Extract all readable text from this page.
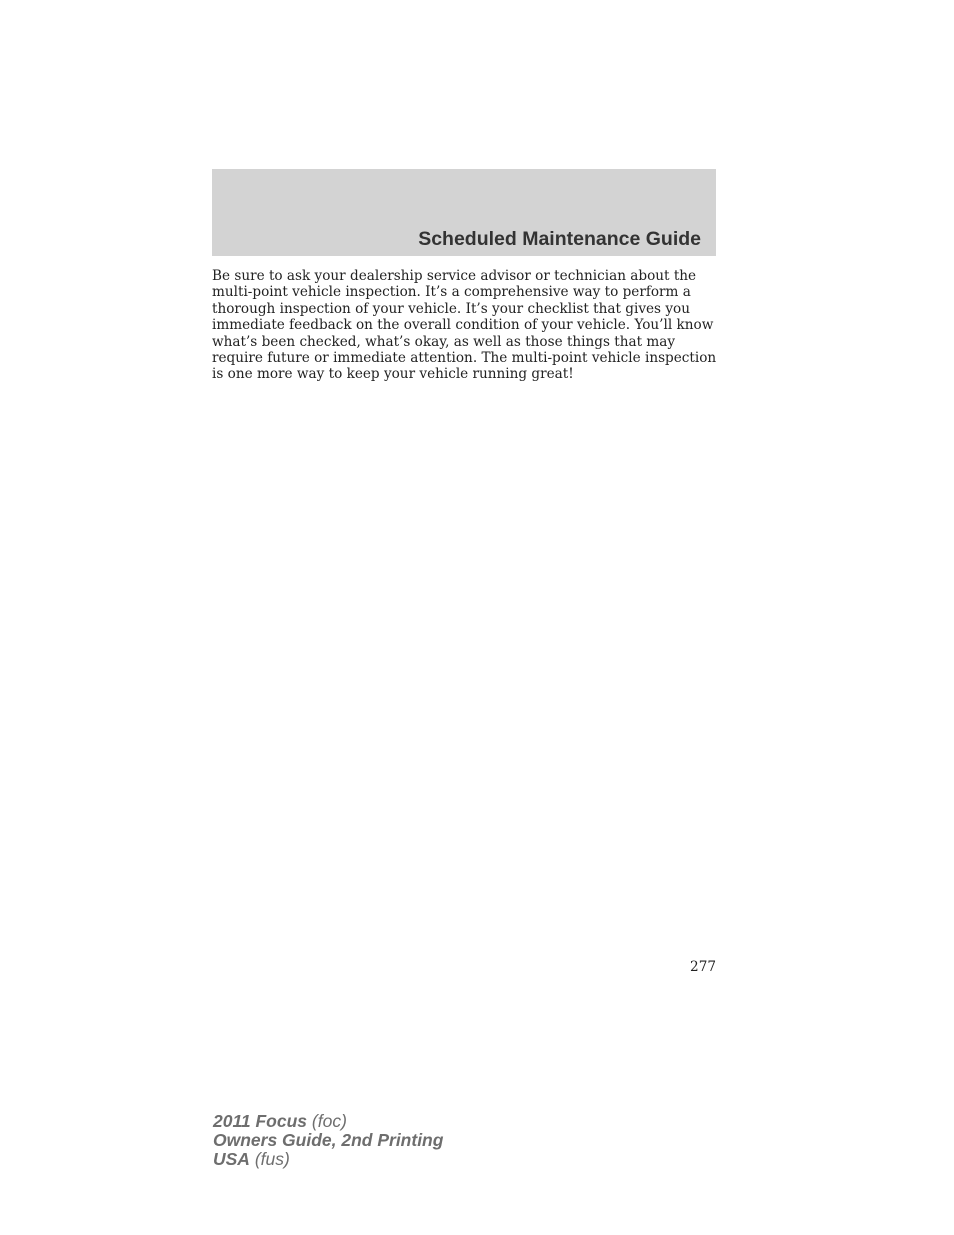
Scheduled Maintenance Guide

Be sure to ask your dealership service advisor or technician about the
multi-point vehicle inspection. It’s a comprehensive way to perform a
thorough inspection of your vehicle. It’s your checklist that gives you
immediate feedback on the overall condition of your vehicle. You’ll know
what’s been checked, what’s okay, as well as those things that may
require future or immediate attention. The multi-point vehicle inspection
is one more way to keep your vehicle running great!

277
2011 Focus (foc)
Owners Guide, 2nd Printing
USA (fus)
